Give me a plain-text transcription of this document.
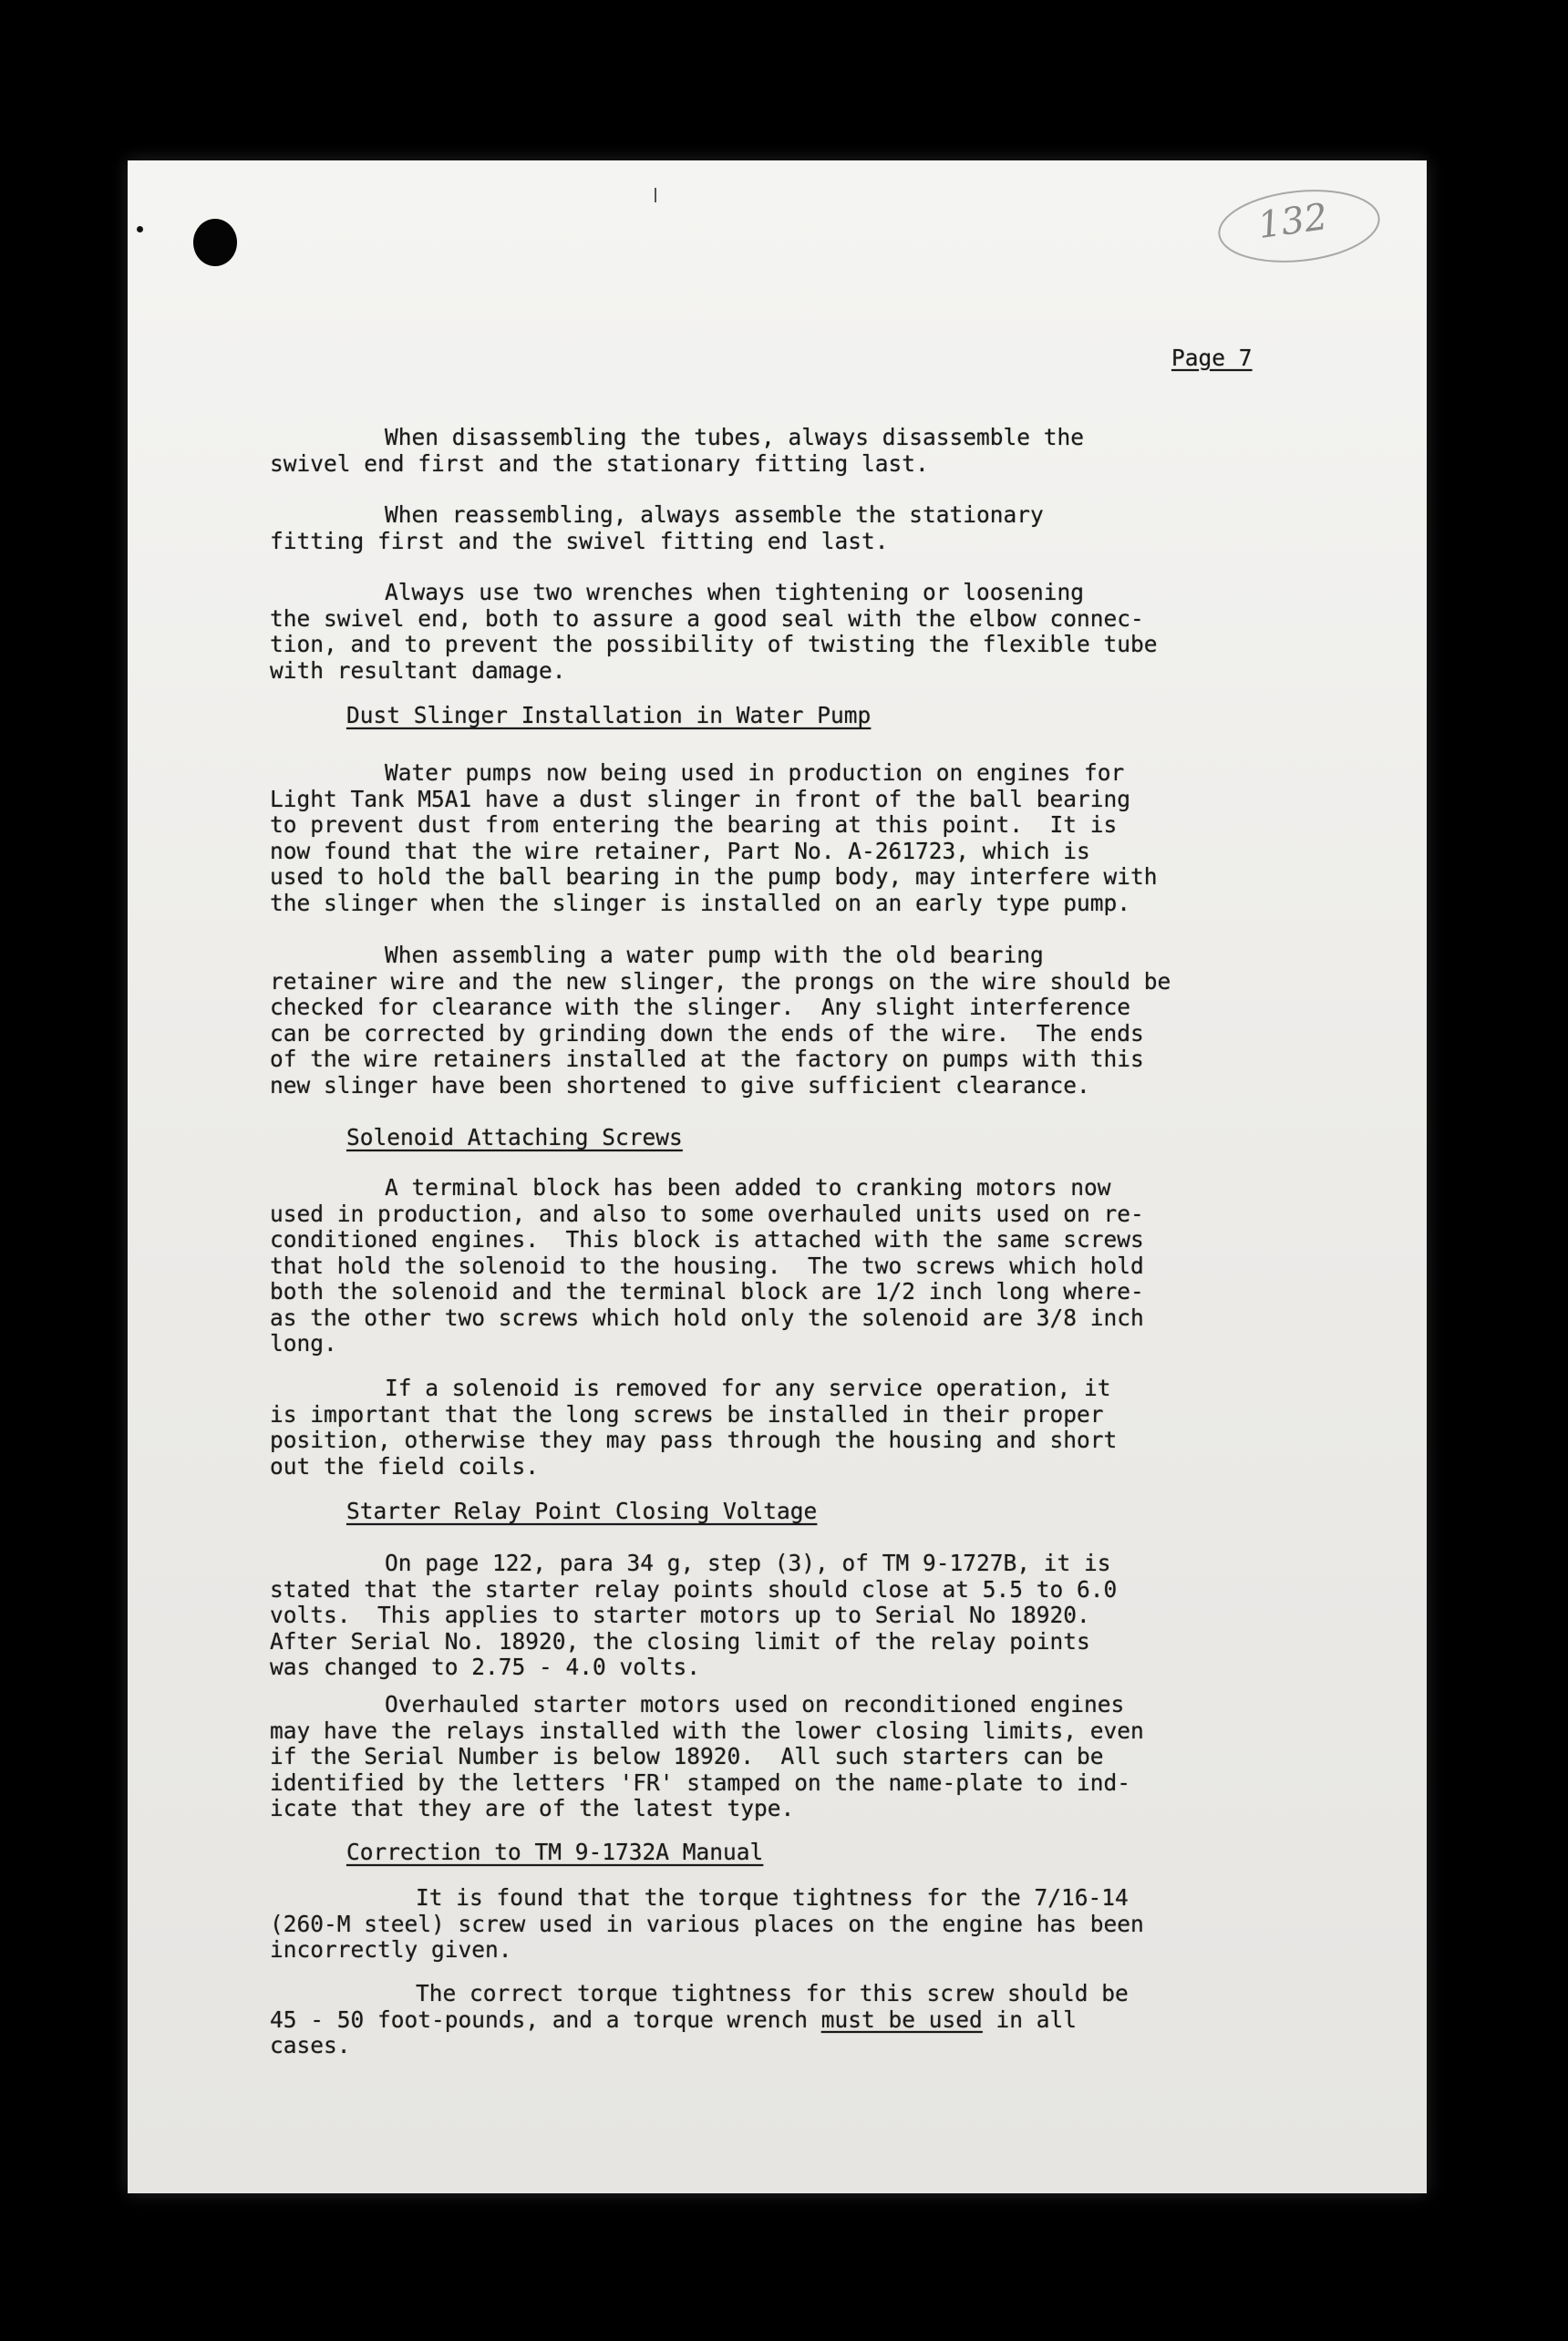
132
Page 7
When disassembling the tubes, always disassemble the
swivel end first and the stationary fitting last.
When reassembling, always assemble the stationary
fitting first and the swivel fitting end last.
Always use two wrenches when tightening or loosening
the swivel end, both to assure a good seal with the elbow connec-
tion, and to prevent the possibility of twisting the flexible tube
with resultant damage.
Dust Slinger Installation in Water Pump
Water pumps now being used in production on engines for
Light Tank M5A1 have a dust slinger in front of the ball bearing
to prevent dust from entering the bearing at this point.  It is
now found that the wire retainer, Part No. A-261723, which is
used to hold the ball bearing in the pump body, may interfere with
the slinger when the slinger is installed on an early type pump.
When assembling a water pump with the old bearing
retainer wire and the new slinger, the prongs on the wire should be
checked for clearance with the slinger.  Any slight interference
can be corrected by grinding down the ends of the wire.  The ends
of the wire retainers installed at the factory on pumps with this
new slinger have been shortened to give sufficient clearance.
Solenoid Attaching Screws
A terminal block has been added to cranking motors now
used in production, and also to some overhauled units used on re-
conditioned engines.  This block is attached with the same screws
that hold the solenoid to the housing.  The two screws which hold
both the solenoid and the terminal block are 1/2 inch long where-
as the other two screws which hold only the solenoid are 3/8 inch
long.
If a solenoid is removed for any service operation, it
is important that the long screws be installed in their proper
position, otherwise they may pass through the housing and short
out the field coils.
Starter Relay Point Closing Voltage
On page 122, para 34 g, step (3), of TM 9-1727B, it is
stated that the starter relay points should close at 5.5 to 6.0
volts.  This applies to starter motors up to Serial No 18920.
After Serial No. 18920, the closing limit of the relay points
was changed to 2.75 - 4.0 volts.
Overhauled starter motors used on reconditioned engines
may have the relays installed with the lower closing limits, even
if the Serial Number is below 18920.  All such starters can be
identified by the letters 'FR' stamped on the name-plate to ind-
icate that they are of the latest type.
Correction to TM 9-1732A Manual
It is found that the torque tightness for the 7/16-14
(260-M steel) screw used in various places on the engine has been
incorrectly given.
The correct torque tightness for this screw should be
45 - 50 foot-pounds, and a torque wrench must be used in all
cases.
